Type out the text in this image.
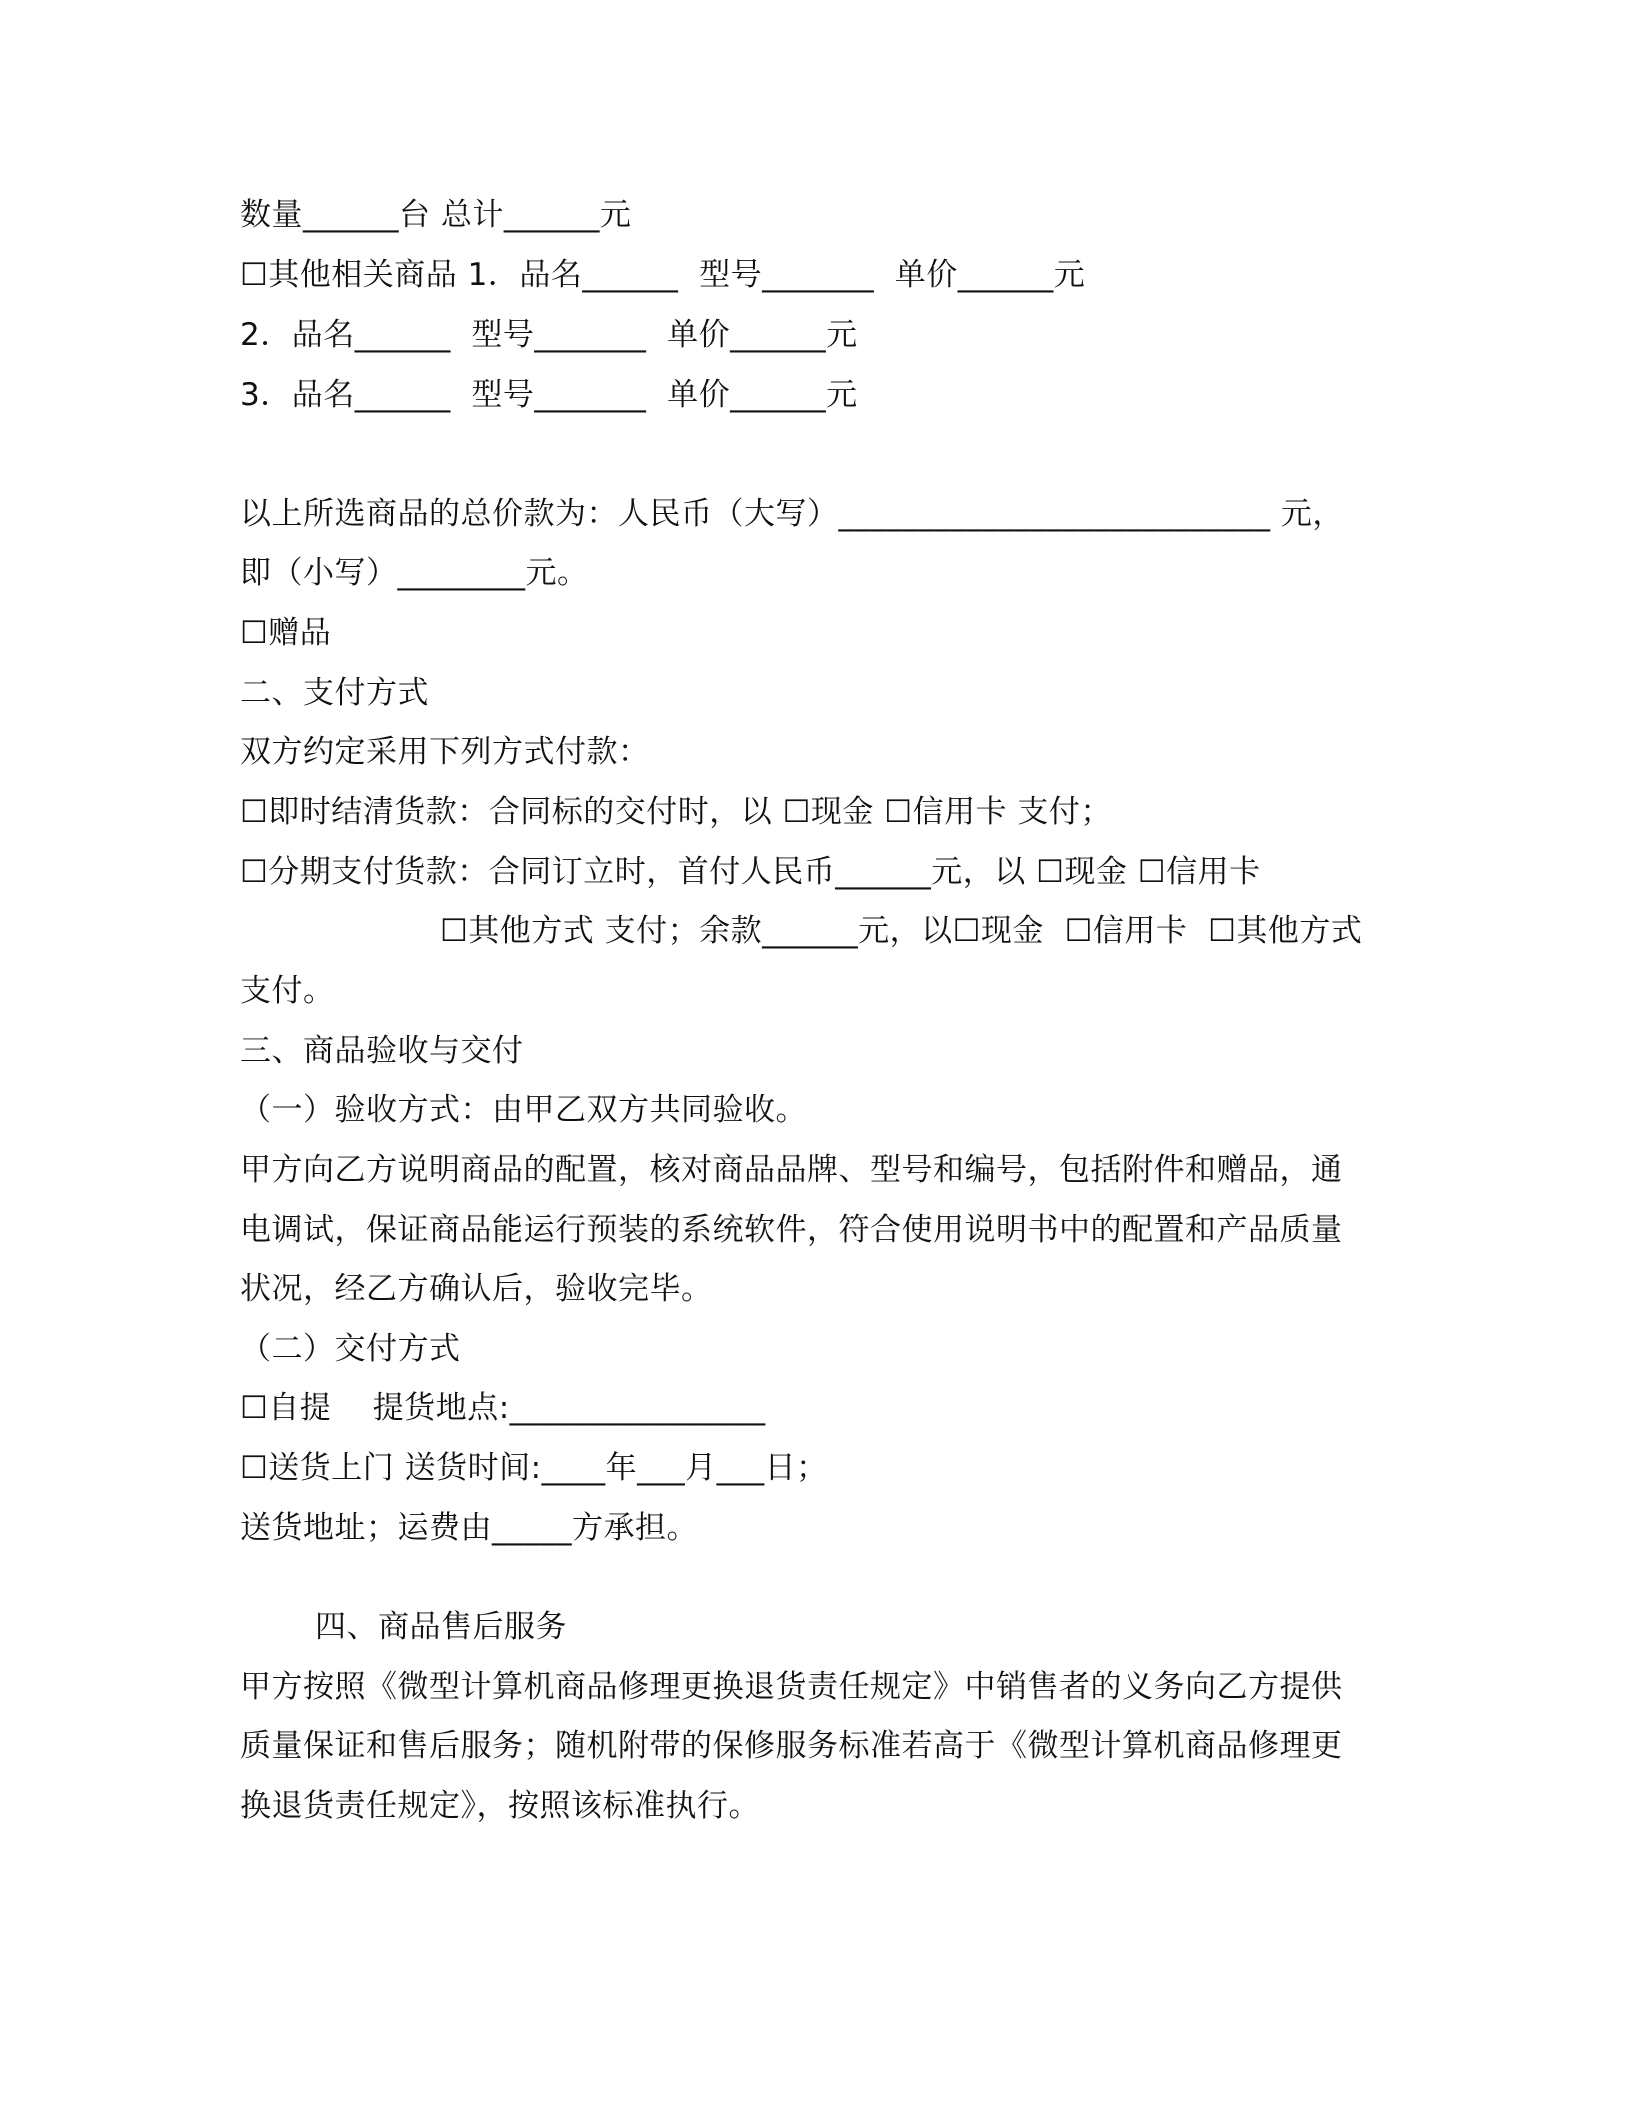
数量______台 总计______元
☐其他相关商品 1．品名______  型号_______  单价______元
2．品名______  型号_______  单价______元
3．品名______  型号_______  单价______元
以上所选商品的总价款为：人民币（大写）___________________________ 元，
即（小写）________元。
☐赠品
二、支付方式
双方约定采用下列方式付款：
☐即时结清货款：合同标的交付时，以 ☐现金 ☐信用卡 支付；
☐分期支付货款：合同订立时，首付人民币______元，以 ☐现金 ☐信用卡
☐其他方式 支付；余款______元，以☐现金  ☐信用卡  ☐其他方式
支付。
三、商品验收与交付
（一）验收方式：由甲乙双方共同验收。
甲方向乙方说明商品的配置，核对商品品牌、型号和编号，包括附件和赠品，通
电调试，保证商品能运行预装的系统软件，符合使用说明书中的配置和产品质量
状况，经乙方确认后，验收完毕。
（二）交付方式
☐自提    提货地点:________________
☐送货上门 送货时间:____年___月___日；
送货地址；运费由_____方承担。
四、商品售后服务
甲方按照《微型计算机商品修理更换退货责任规定》中销售者的义务向乙方提供
质量保证和售后服务；随机附带的保修服务标准若高于《微型计算机商品修理更
换退货责任规定》，按照该标准执行。
